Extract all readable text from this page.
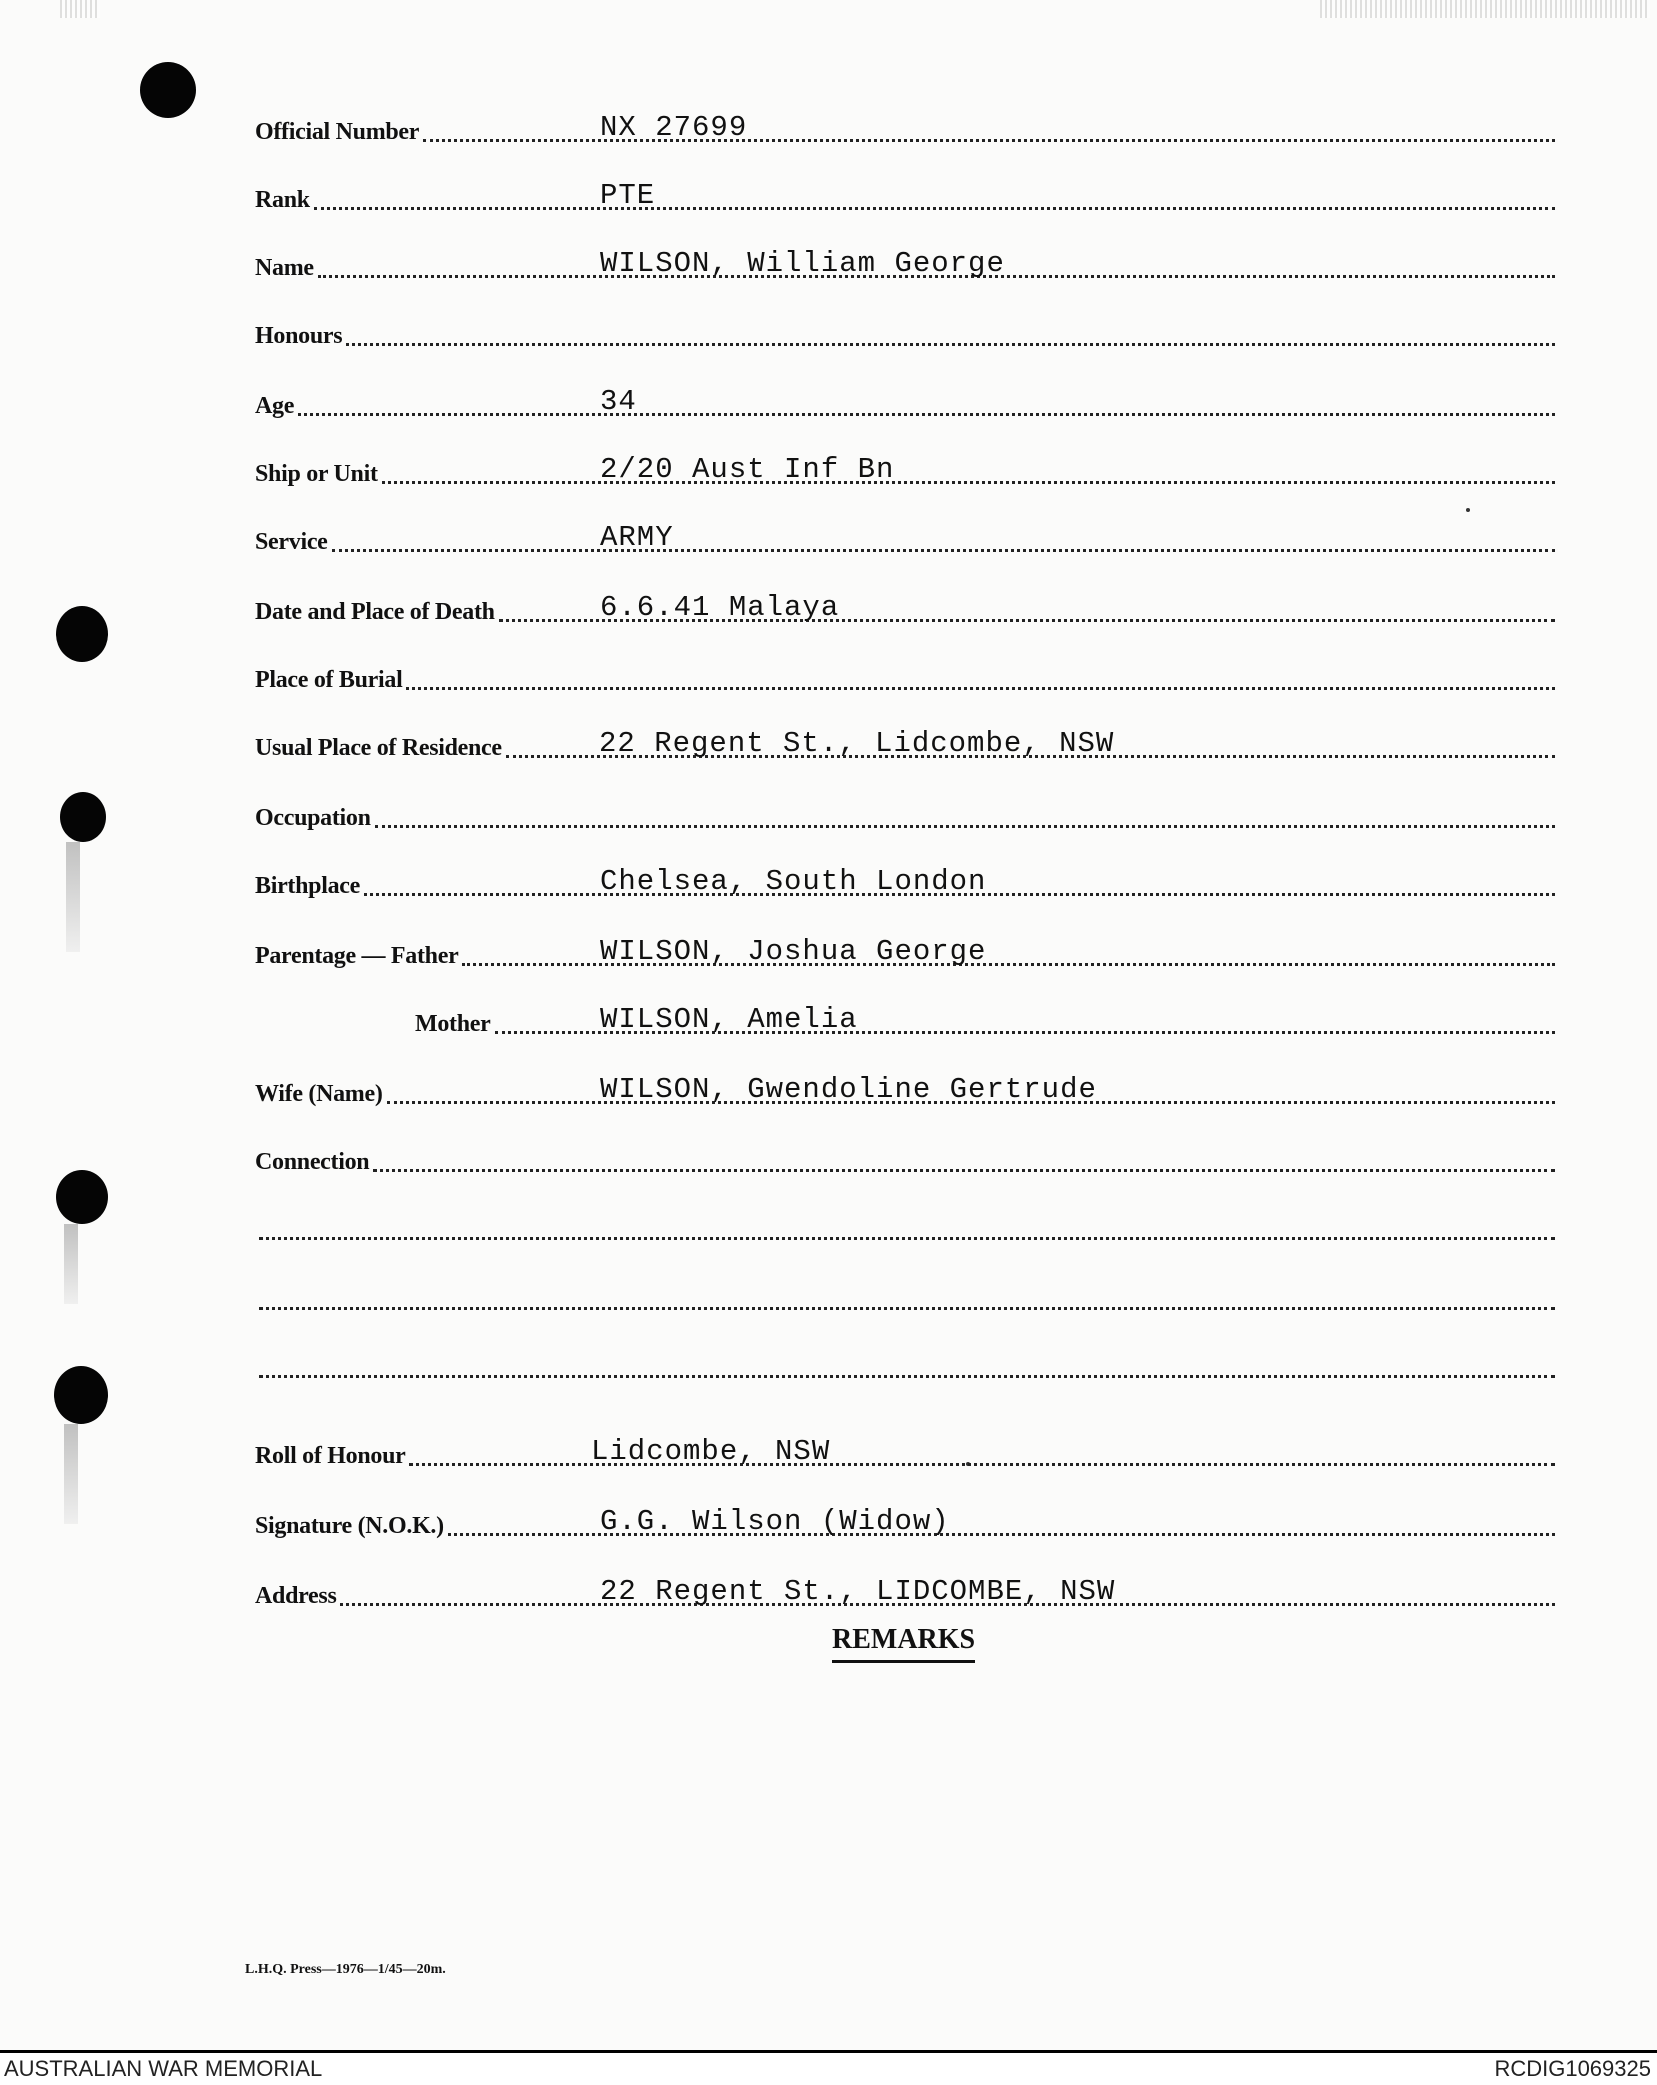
Official Number	NX 27699
Rank	PTE
Name	WILSON, William George
Honours
Age	34
Ship or Unit	2/20 Aust Inf Bn
Service	ARMY
Date and Place of Death	6.6.41 Malaya
Place of Burial
Usual Place of Residence	22 Regent St., Lidcombe, NSW
Occupation
Birthplace	Chelsea, South London
Parentage — Father	WILSON, Joshua George
Mother	WILSON, Amelia
Wife (Name)	WILSON, Gwendoline Gertrude
Connection
Roll of Honour	Lidcombe, NSW
Signature (N.O.K.)	G.G. Wilson (Widow)
Address	22 Regent St., LIDCOMBE, NSW
REMARKS
L.H.Q. Press—1976—1/45—20m.
AUSTRALIAN WAR MEMORIAL	RCDIG1069325
